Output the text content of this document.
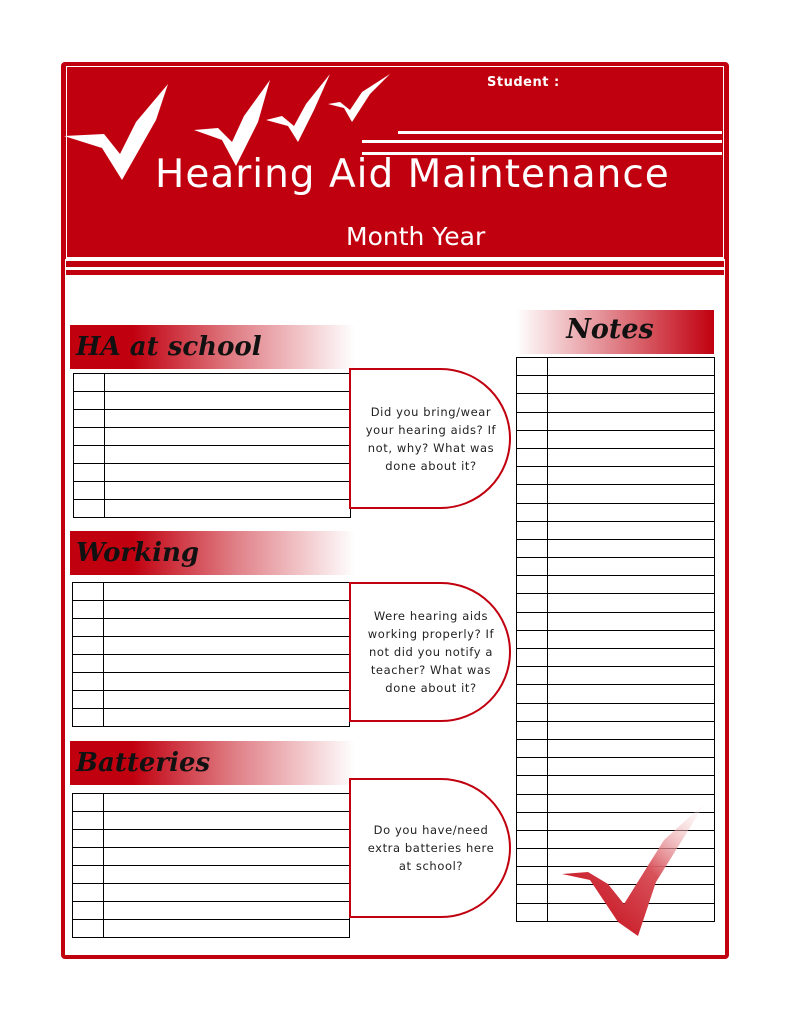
Student :
Hearing Aid Maintenance
Month Year
HA at school

Did you bring/wear your hearing aids? If not, why? What was done about it?
Working

Were hearing aids working properly? If not did you notify a teacher? What was done about it?
Batteries

Do you have/need extra batteries here at school?
Notes
